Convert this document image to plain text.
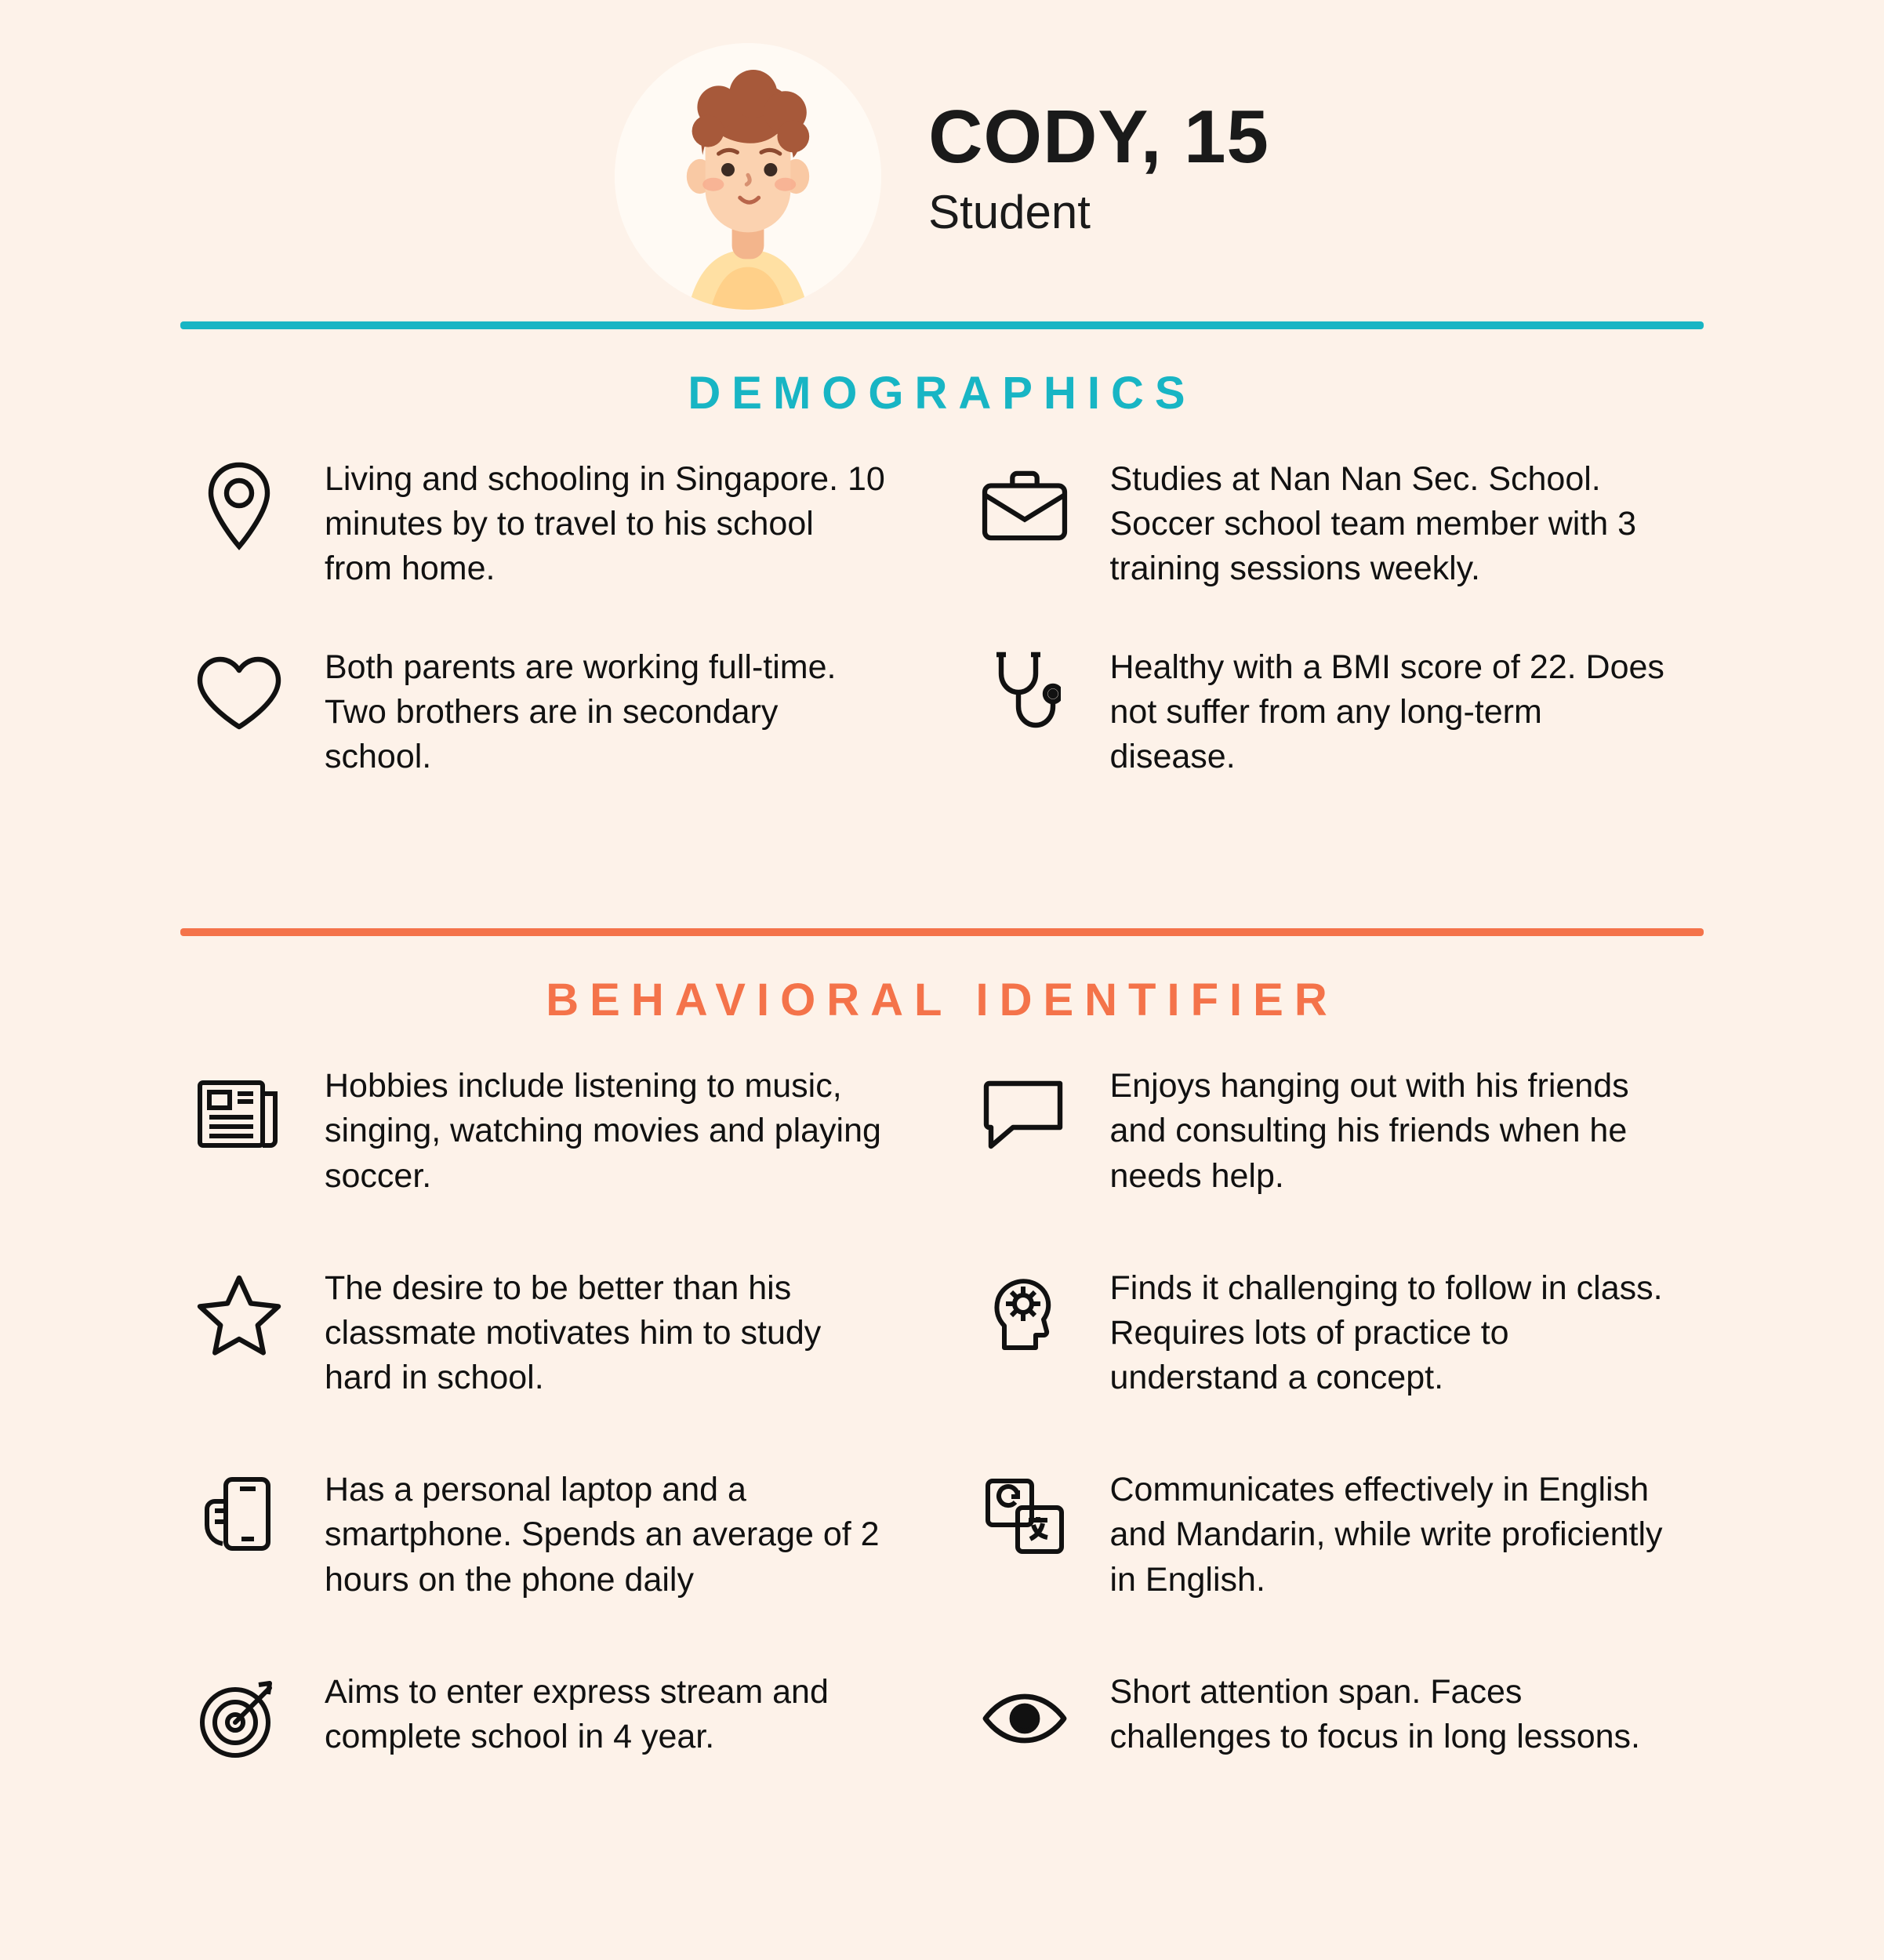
CODY, 15
Student
DEMOGRAPHICS
Living and schooling in Singapore. 10 minutes by to travel to his school from home.
Studies at Nan Nan Sec. School. Soccer school team member with 3 training sessions weekly.
Both parents are working full-time. Two brothers are in secondary school.
Healthy with a BMI score of 22. Does not suffer from any long-term disease.
BEHAVIORAL IDENTIFIER
Hobbies include listening to music, singing, watching movies and playing soccer.
Enjoys hanging out with his friends and consulting his friends when he needs help.
The desire to be better than his classmate motivates him to study hard in school.
Finds it challenging to follow in class. Requires lots of practice to understand a concept.
Has a personal laptop and a smartphone. Spends an average of 2 hours on the phone daily
Communicates effectively in English and Mandarin, while write proficiently in English.
Aims to enter express stream and complete school in 4 year.
Short attention span. Faces challenges to focus in long lessons.
